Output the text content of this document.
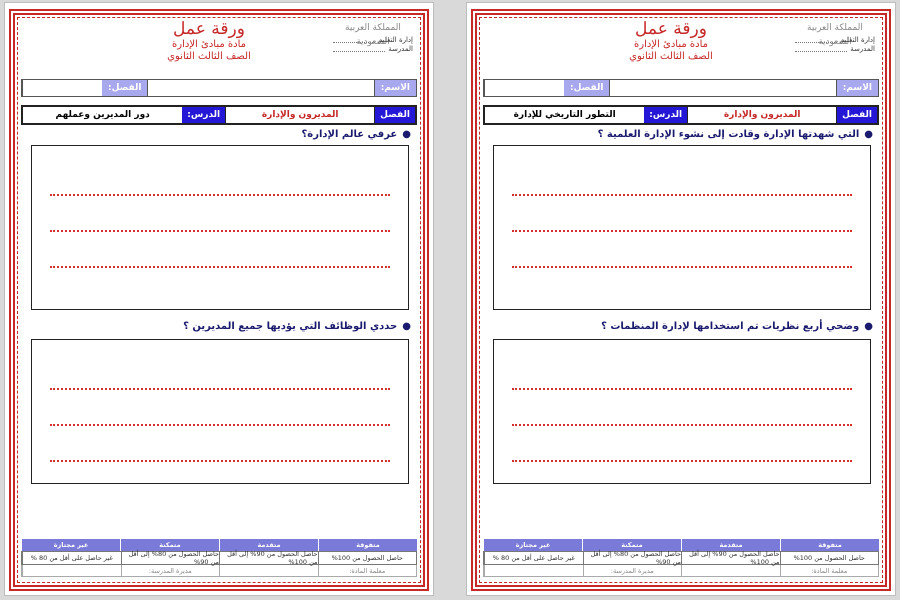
المملكة العربية السعودية
إدارة التعليم
المدرسة
ورقة عمل
مادة مبادئ الإدارة
الصف الثالث الثانوي
الاسم:
الفصل:
الفصل
المديرون والإدارة
الدرس:
دور المديرين وعملهم
●
عرفي عالم الإدارة؟
●
حددي الوظائف التي يؤديها جميع المديرين ؟
متفوقة
متقدمة
متمكنة
غير مجتازة
حاصل الحصول من 100%
حاصل الحصول من 90% إلى أقل من 100%
حاصل الحصول من 80% إلى أقل من 90%
غير حاصل على أقل من 80 %
معلمة المادة:
مديرة المدرسة:
المملكة العربية السعودية
إدارة التعليم
المدرسة
ورقة عمل
مادة مبادئ الإدارة
الصف الثالث الثانوي
الاسم:
الفصل:
الفصل
المديرون والإدارة
الدرس:
التطور التاريخي للإدارة
●
التي شهدتها الإدارة وقادت إلى نشوء الإدارة العلمية ؟
●
وضحي أربع نظريات تم استخدامها لإدارة المنظمات ؟
متفوقة
متقدمة
متمكنة
غير مجتازة
حاصل الحصول من 100%
حاصل الحصول من 90% إلى أقل من 100%
حاصل الحصول من 80% إلى أقل من 90%
غير حاصل على أقل من 80 %
معلمة المادة:
مديرة المدرسة:
